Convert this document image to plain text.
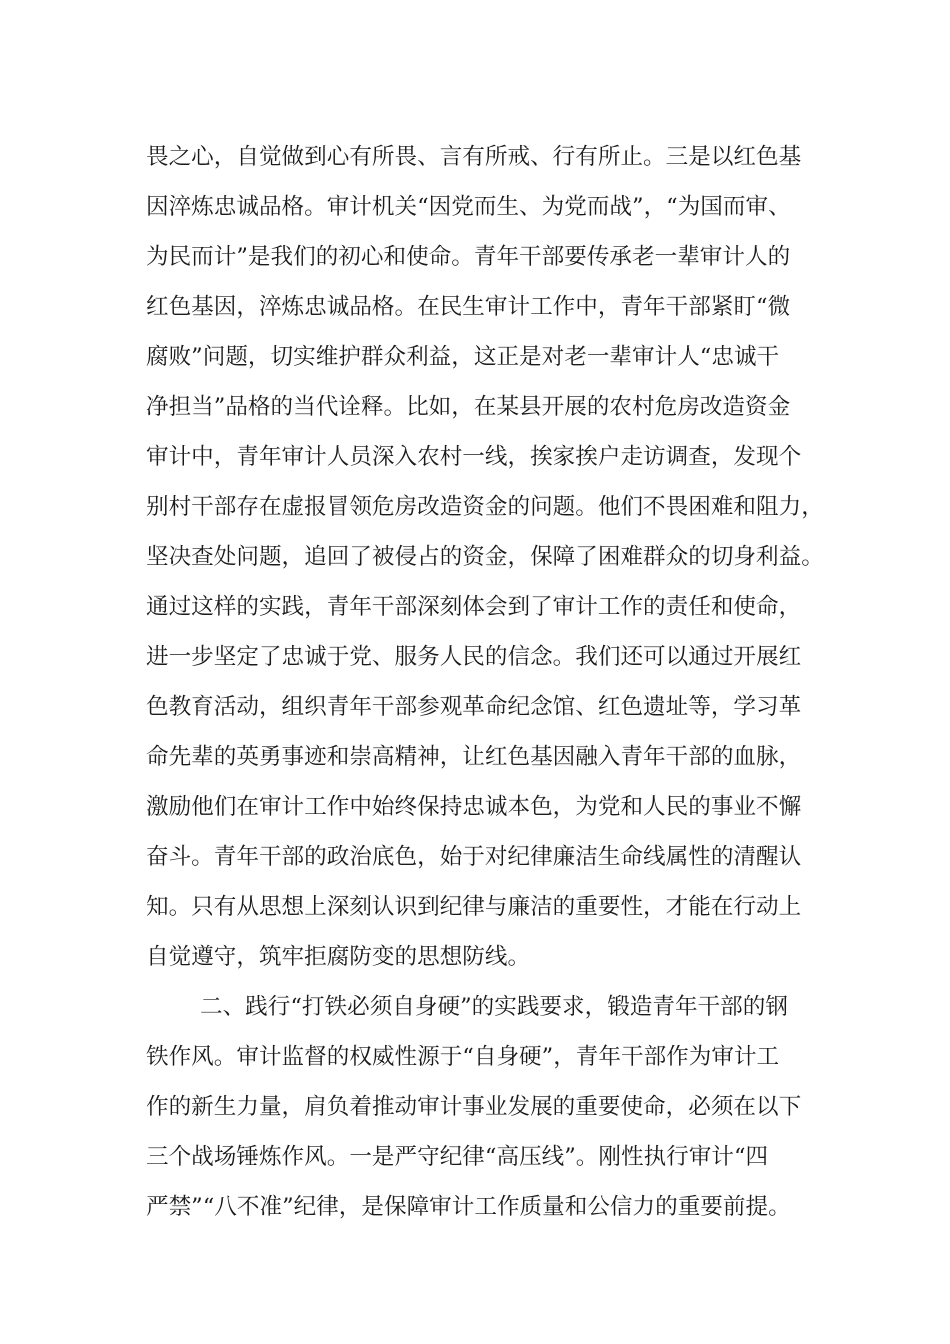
畏之心，自觉做到心有所畏、言有所戒、行有所止。三是以红色基
因淬炼忠诚品格。审计机关“因党而生、为党而战”，“为国而审、
为民而计”是我们的初心和使命。青年干部要传承老一辈审计人的
红色基因，淬炼忠诚品格。在民生审计工作中，青年干部紧盯“微
腐败”问题，切实维护群众利益，这正是对老一辈审计人“忠诚干
净担当”品格的当代诠释。比如，在某县开展的农村危房改造资金
审计中，青年审计人员深入农村一线，挨家挨户走访调查，发现个
别村干部存在虚报冒领危房改造资金的问题。他们不畏困难和阻力，
坚决查处问题，追回了被侵占的资金，保障了困难群众的切身利益。
通过这样的实践，青年干部深刻体会到了审计工作的责任和使命，
进一步坚定了忠诚于党、服务人民的信念。我们还可以通过开展红
色教育活动，组织青年干部参观革命纪念馆、红色遗址等，学习革
命先辈的英勇事迹和崇高精神，让红色基因融入青年干部的血脉，
激励他们在审计工作中始终保持忠诚本色，为党和人民的事业不懈
奋斗。青年干部的政治底色，始于对纪律廉洁生命线属性的清醒认
知。只有从思想上深刻认识到纪律与廉洁的重要性，才能在行动上
自觉遵守，筑牢拒腐防变的思想防线。
二、践行“打铁必须自身硬”的实践要求，锻造青年干部的钢
铁作风。审计监督的权威性源于“自身硬”，青年干部作为审计工
作的新生力量，肩负着推动审计事业发展的重要使命，必须在以下
三个战场锤炼作风。一是严守纪律“高压线”。刚性执行审计“四
严禁”“八不准”纪律，是保障审计工作质量和公信力的重要前提。
